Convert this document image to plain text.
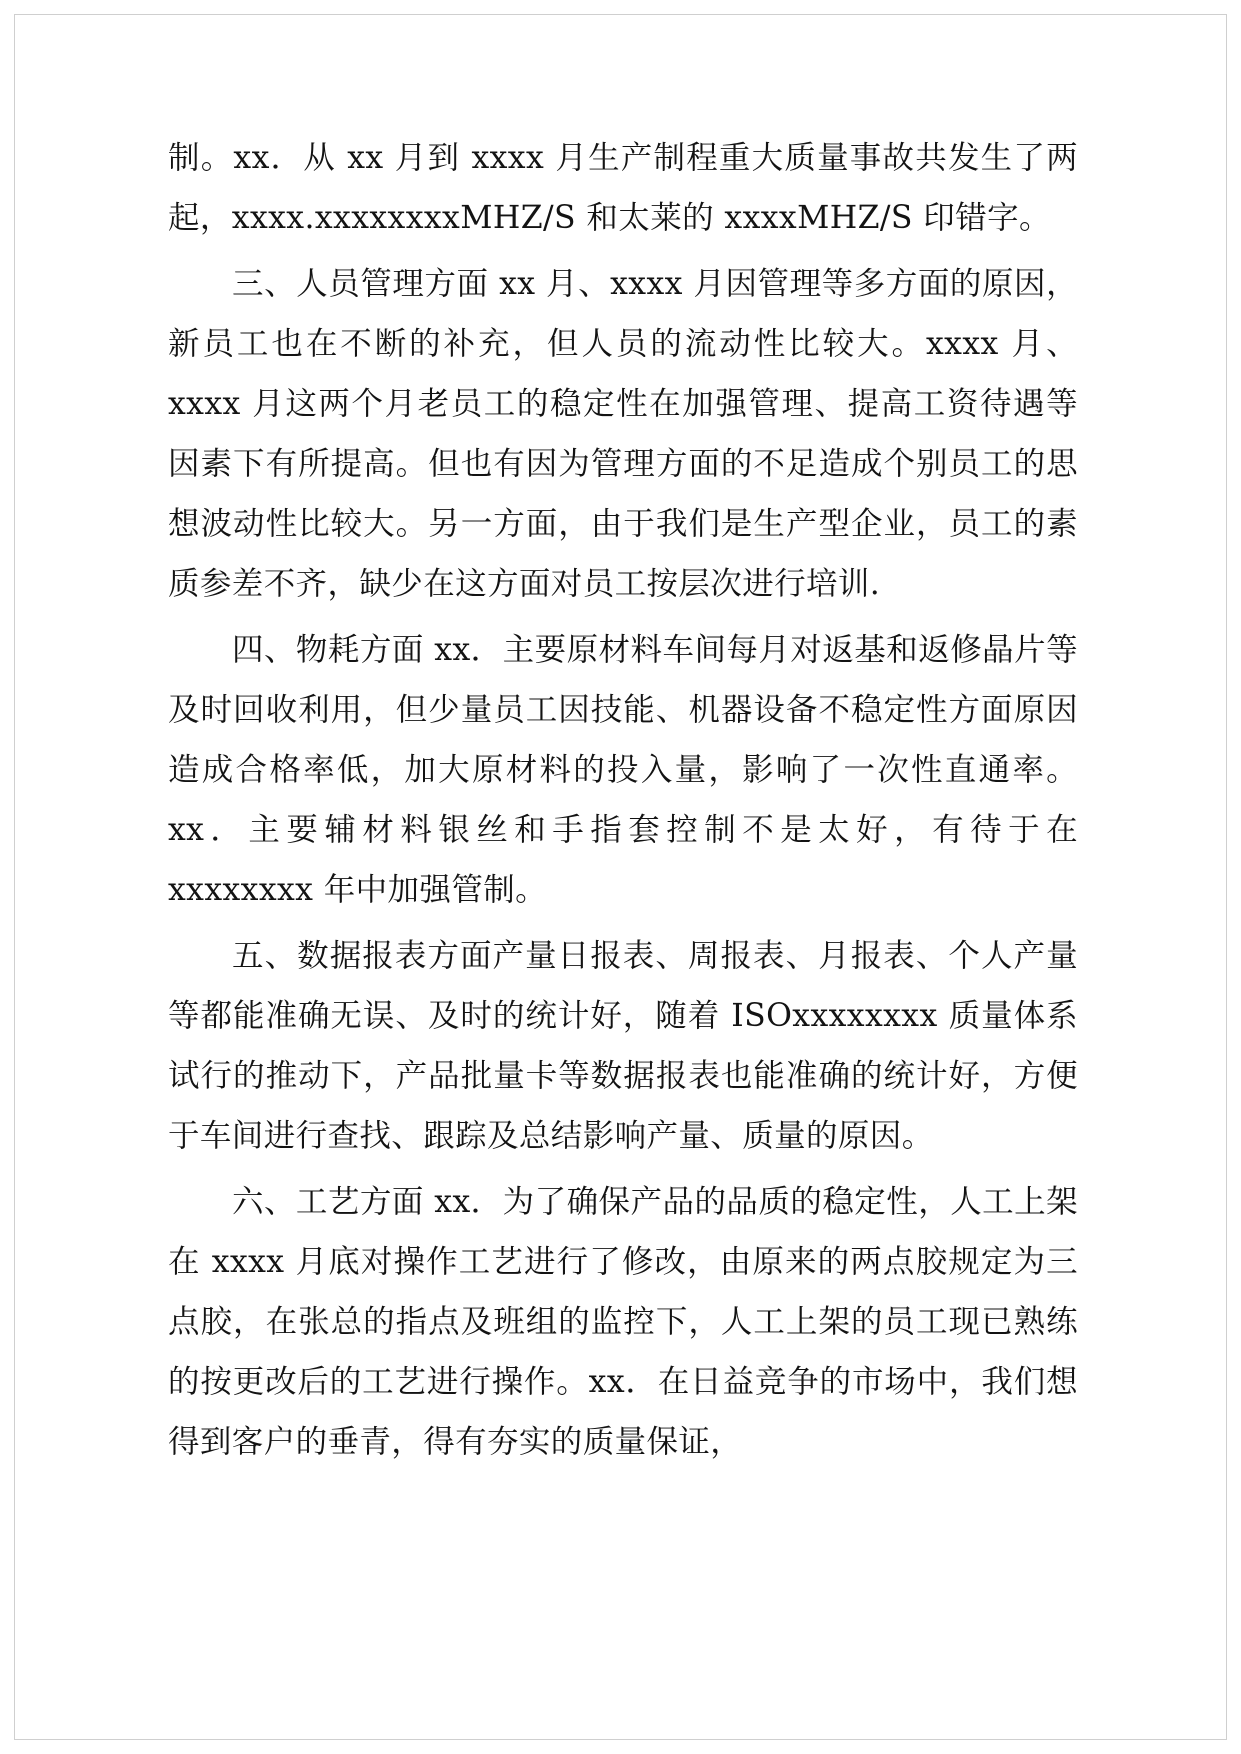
制。xx．从 xx 月到 xxxx 月生产制程重大质量事故共发生了两起，xxxx.xxxxxxxxMHZ/S 和太莱的 xxxxMHZ/S 印错字。

三、人员管理方面 xx 月、xxxx 月因管理等多方面的原因，新员工也在不断的补充，但人员的流动性比较大。xxxx 月、xxxx 月这两个月老员工的稳定性在加强管理、提高工资待遇等因素下有所提高。但也有因为管理方面的不足造成个别员工的思想波动性比较大。另一方面，由于我们是生产型企业，员工的素质参差不齐，缺少在这方面对员工按层次进行培训.

四、物耗方面 xx．主要原材料车间每月对返基和返修晶片等及时回收利用，但少量员工因技能、机器设备不稳定性方面原因造成合格率低，加大原材料的投入量，影响了一次性直通率。xx．主要辅材料银丝和手指套控制不是太好，有待于在 xxxxxxxx 年中加强管制。

五、数据报表方面产量日报表、周报表、月报表、个人产量等都能准确无误、及时的统计好，随着 ISOxxxxxxxx 质量体系试行的推动下，产品批量卡等数据报表也能准确的统计好，方便于车间进行查找、跟踪及总结影响产量、质量的原因。

六、工艺方面 xx．为了确保产品的品质的稳定性，人工上架在 xxxx 月底对操作工艺进行了修改，由原来的两点胶规定为三点胶，在张总的指点及班组的监控下，人工上架的员工现已熟练的按更改后的工艺进行操作。xx．在日益竞争的市场中，我们想得到客户的垂青，得有夯实的质量保证，
